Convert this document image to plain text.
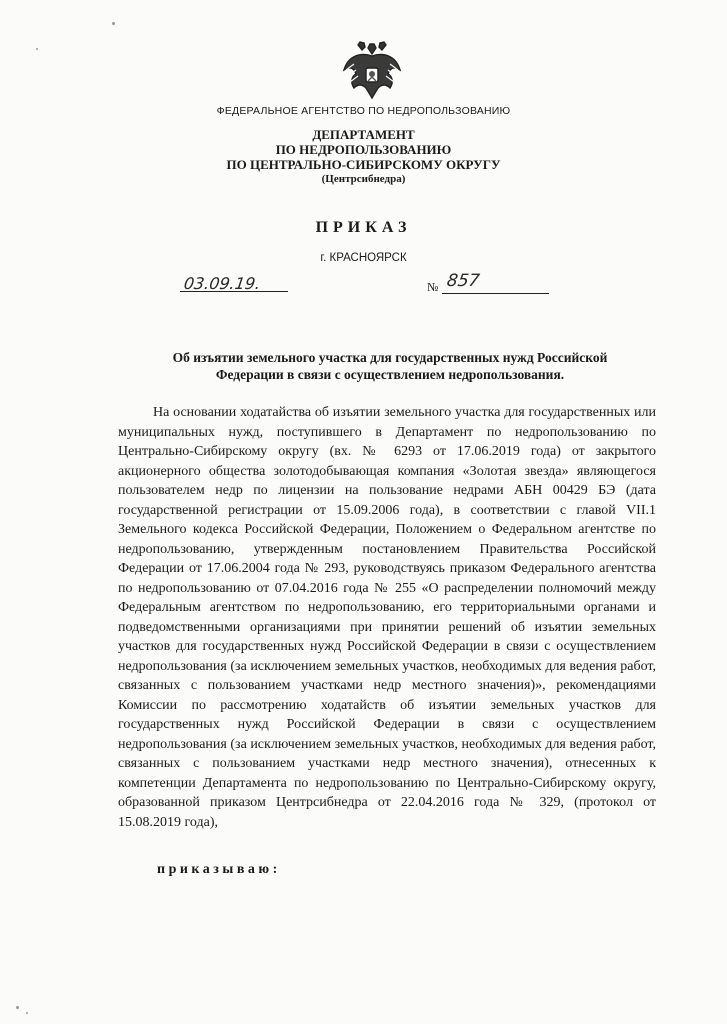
ФЕДЕРАЛЬНОЕ АГЕНТСТВО ПО НЕДРОПОЛЬЗОВАНИЮ
ДЕПАРТАМЕНТ
ПО НЕДРОПОЛЬЗОВАНИЮ
ПО ЦЕНТРАЛЬНО-СИБИРСКОМУ ОКРУГУ
(Центрсибнедра)
ПРИКАЗ
г. КРАСНОЯРСК
03.09.19.	№ 857
Об изъятии земельного участка для государственных нужд Российской
Федерации в связи с осуществлением недропользования.
На основании ходатайства об изъятии земельного участка для государственных или муниципальных нужд, поступившего в Департамент по недропользованию по Центрально-Сибирскому округу (вх. № 6293 от 17.06.2019 года) от закрытого акционерного общества золотодобывающая компания «Золотая звезда» являющегося пользователем недр по лицензии на пользование недрами АБН 00429 БЭ (дата государственной регистрации от 15.09.2006 года), в соответствии с главой VII.1 Земельного кодекса Российской Федерации, Положением о Федеральном агентстве по недропользованию, утвержденным постановлением Правительства Российской Федерации от 17.06.2004 года № 293, руководствуясь приказом Федерального агентства по недропользованию от 07.04.2016 года № 255 «О распределении полномочий между Федеральным агентством по недропользованию, его территориальными органами и подведомственными организациями при принятии решений об изъятии земельных участков для государственных нужд Российской Федерации в связи с осуществлением недропользования (за исключением земельных участков, необходимых для ведения работ, связанных с пользованием участками недр местного значения)», рекомендациями Комиссии по рассмотрению ходатайств об изъятии земельных участков для государственных нужд Российской Федерации в связи с осуществлением недропользования (за исключением земельных участков, необходимых для ведения работ, связанных с пользованием участками недр местного значения), отнесенных к компетенции Департамента по недропользованию по Центрально-Сибирскому округу, образованной приказом Центрсибнедра от 22.04.2016 года № 329, (протокол от 15.08.2019 года),
приказываю:
